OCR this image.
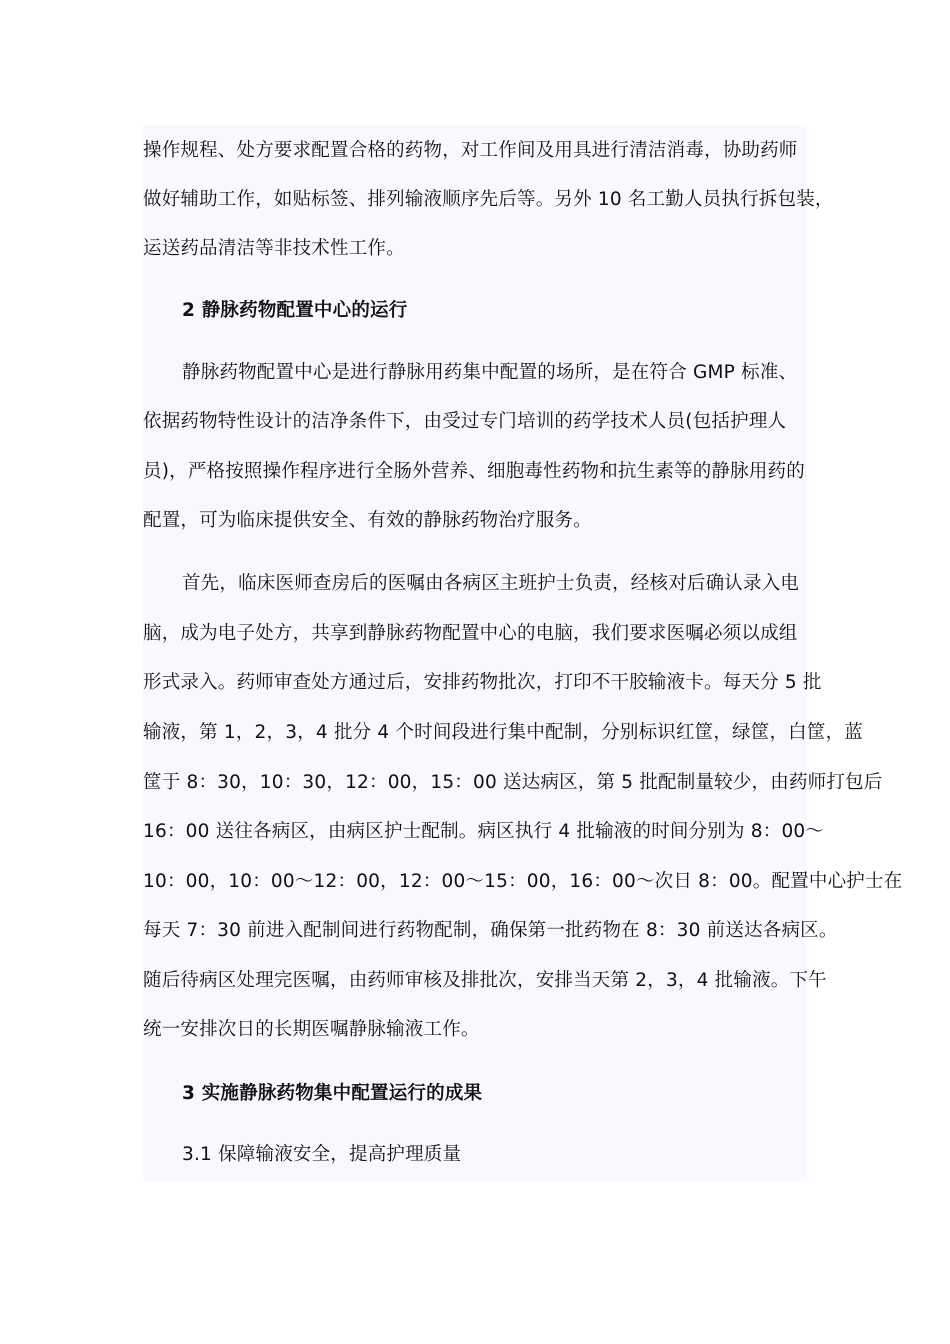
操作规程、处方要求配置合格的药物，对工作间及用具进行清洁消毒，协助药师
做好辅助工作，如贴标签、排列输液顺序先后等。另外 10 名工勤人员执行拆包装，
运送药品清洁等非技术性工作。
2 静脉药物配置中心的运行
静脉药物配置中心是进行静脉用药集中配置的场所，是在符合 GMP 标准、
依据药物特性设计的洁净条件下，由受过专门培训的药学技术人员(包括护理人
员)，严格按照操作程序进行全肠外营养、细胞毒性药物和抗生素等的静脉用药的
配置，可为临床提供安全、有效的静脉药物治疗服务。
首先，临床医师查房后的医嘱由各病区主班护士负责，经核对后确认录入电
脑，成为电子处方，共享到静脉药物配置中心的电脑，我们要求医嘱必须以成组
形式录入。药师审查处方通过后，安排药物批次，打印不干胶输液卡。每天分 5 批
输液，第 1，2，3，4 批分 4 个时间段进行集中配制，分别标识红筐，绿筐，白筐，蓝
筐于 8：30，10：30，12：00，15：00 送达病区，第 5 批配制量较少，由药师打包后
16：00 送往各病区，由病区护士配制。病区执行 4 批输液的时间分别为 8：00～
10：00，10：00～12：00，12：00～15：00，16：00～次日 8：00。配置中心护士在
每天 7：30 前进入配制间进行药物配制，确保第一批药物在 8：30 前送达各病区。
随后待病区处理完医嘱，由药师审核及排批次，安排当天第 2，3，4 批输液。下午
统一安排次日的长期医嘱静脉输液工作。
3 实施静脉药物集中配置运行的成果
3.1 保障输液安全，提高护理质量
